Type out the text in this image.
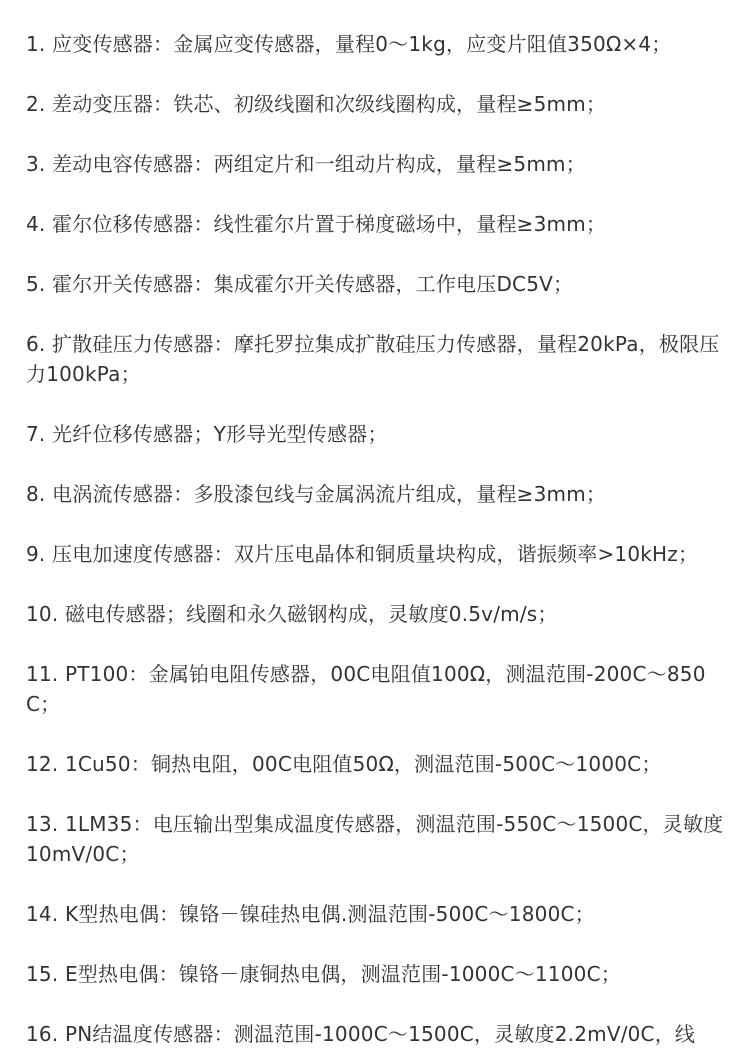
1. 应变传感器：金属应变传感器，量程0～1kg，应变片阻值350Ω×4；
2. 差动变压器：铁芯、初级线圈和次级线圈构成，量程≥5mm；
3. 差动电容传感器：两组定片和一组动片构成，量程≥5mm；
4. 霍尔位移传感器：线性霍尔片置于梯度磁场中，量程≥3mm；
5. 霍尔开关传感器：集成霍尔开关传感器，工作电压DC5V；
6. 扩散硅压力传感器：摩托罗拉集成扩散硅压力传感器，量程20kPa，极限压力100kPa；
7. 光纤位移传感器；Y形导光型传感器；
8. 电涡流传感器：多股漆包线与金属涡流片组成，量程≥3mm；
9. 压电加速度传感器：双片压电晶体和铜质量块构成，谐振频率>10kHz；
10. 磁电传感器；线圈和永久磁钢构成，灵敏度0.5v/m/s；
11. PT100：金属铂电阻传感器，00C电阻值100Ω，测温范围-200C～850C；
12. 1Cu50：铜热电阻，00C电阻值50Ω，测温范围-500C～1000C；
13. 1LM35：电压输出型集成温度传感器，测温范围-550C～1500C，灵敏度10mV/0C；
14. K型热电偶：镍铬－镍硅热电偶.测温范围-500C～1800C；
15. E型热电偶：镍铬－康铜热电偶，测温范围-1000C～1100C；
16. PN结温度传感器：测温范围-1000C～1500C，灵敏度2.2mV/0C，线
